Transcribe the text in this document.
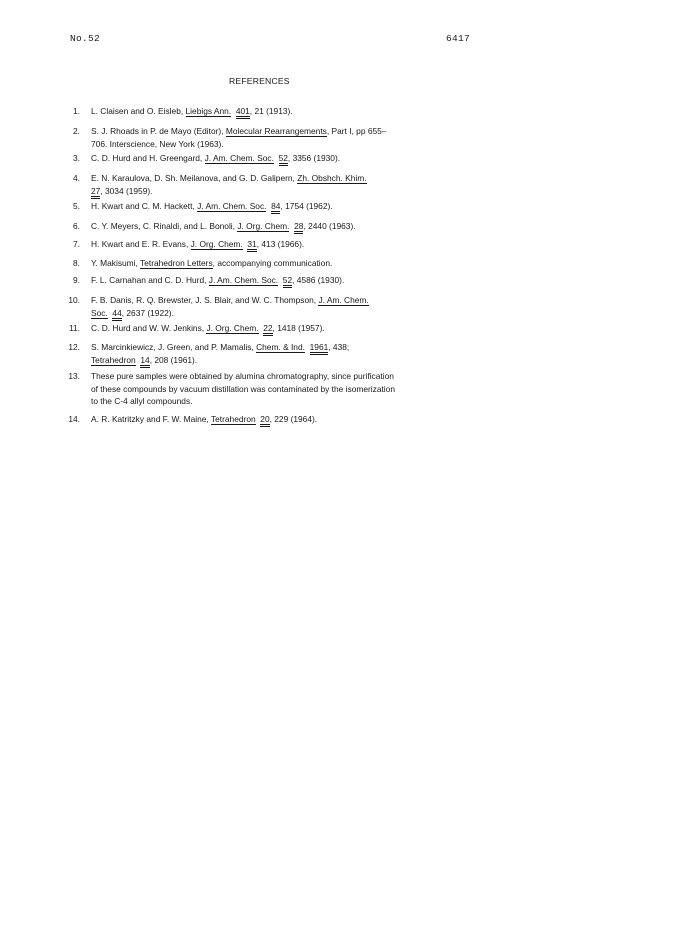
No.52	6417
REFERENCES
1. L. Claisen and O. Eisleb, Liebigs Ann. 401, 21 (1913).
2. S. J. Rhoads in P. de Mayo (Editor), Molecular Rearrangements, Part I, pp 655–
706. Interscience, New York (1963).
3. C. D. Hurd and H. Greengard, J. Am. Chem. Soc. 52, 3356 (1930).
4. E. N. Karaulova, D. Sh. Meilanova, and G. D. Galipern, Zh. Obshch. Khim.
27, 3034 (1959).
5. H. Kwart and C. M. Hackett, J. Am. Chem. Soc. 84, 1754 (1962).
6. C. Y. Meyers, C. Rinaldi, and L. Bonoli, J. Org. Chem. 28, 2440 (1963).
7. H. Kwart and E. R. Evans, J. Org. Chem. 31, 413 (1966).
8. Y. Makisumi, Tetrahedron Letters, accompanying communication.
9. F. L. Carnahan and C. D. Hurd, J. Am. Chem. Soc. 52, 4586 (1930).
10. F. B. Danis, R. Q. Brewster, J. S. Blair, and W. C. Thompson, J. Am. Chem.
Soc. 44, 2637 (1922).
11. C. D. Hurd and W. W. Jenkins, J. Org. Chem. 22, 1418 (1957).
12. S. Marcinkiewicz, J. Green, and P. Mamalis, Chem. & Ind. 1961, 438;
Tetrahedron 14, 208 (1961).
13. These pure samples were obtained by alumina chromatography, since purification
of these compounds by vacuum distillation was contaminated by the isomerization
to the C-4 allyl compounds.
14. A. R. Katritzky and F. W. Maine, Tetrahedron 20, 229 (1964).
